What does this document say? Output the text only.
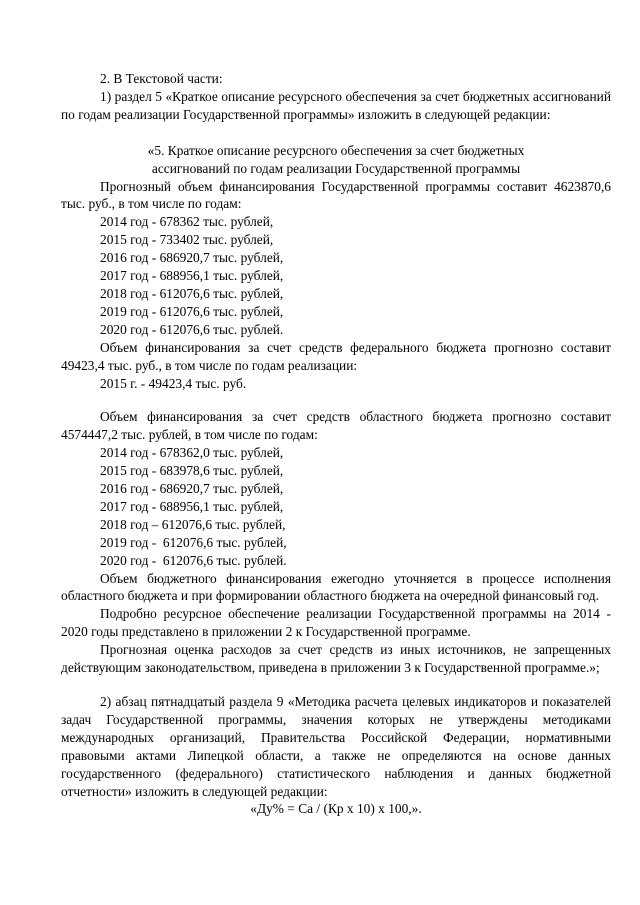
2. В Текстовой части:

1) раздел 5 «Краткое описание ресурсного обеспечения за счет бюджетных ассигнований по годам реализации Государственной программы» изложить в следующей редакции:

«5. Краткое описание ресурсного обеспечения за счет бюджетных

ассигнований по годам реализации Государственной программы

Прогнозный объем финансирования Государственной программы составит 4623870,6 тыс. руб., в том числе по годам:

2014 год - 678362 тыс. рублей,

2015 год - 733402 тыс. рублей,

2016 год - 686920,7 тыс. рублей,

2017 год - 688956,1 тыс. рублей,

2018 год - 612076,6 тыс. рублей,

2019 год - 612076,6 тыс. рублей,

2020 год - 612076,6 тыс. рублей.

Объем финансирования за счет средств федерального бюджета прогнозно составит 49423,4 тыс. руб., в том числе по годам реализации:

2015 г. - 49423,4 тыс. руб.

Объем финансирования за счет средств областного бюджета прогнозно составит 4574447,2 тыс. рублей, в том числе по годам:

2014 год - 678362,0 тыс. рублей,

2015 год - 683978,6 тыс. рублей,

2016 год - 686920,7 тыс. рублей,

2017 год - 688956,1 тыс. рублей,

2018 год – 612076,6 тыс. рублей,

2019 год -  612076,6 тыс. рублей,

2020 год -  612076,6 тыс. рублей.

Объем бюджетного финансирования ежегодно уточняется в процессе исполнения областного бюджета и при формировании областного бюджета на очередной финансовый год.

Подробно ресурсное обеспечение реализации Государственной программы на 2014 - 2020 годы представлено в приложении 2 к Государственной программе.

Прогнозная оценка расходов за счет средств из иных источников, не запрещенных действующим законодательством, приведена в приложении 3 к Государственной программе.»;

2) абзац пятнадцатый раздела 9 «Методика расчета целевых индикаторов и показателей задач Государственной программы, значения которых не утверждены методиками международных организаций, Правительства Российской Федерации, нормативными правовыми актами Липецкой области, а также не определяются на основе данных государственного (федерального) статистического наблюдения и данных бюджетной отчетности» изложить в следующей редакции:

«Ду% = Са / (Кр х 10) х 100,».
